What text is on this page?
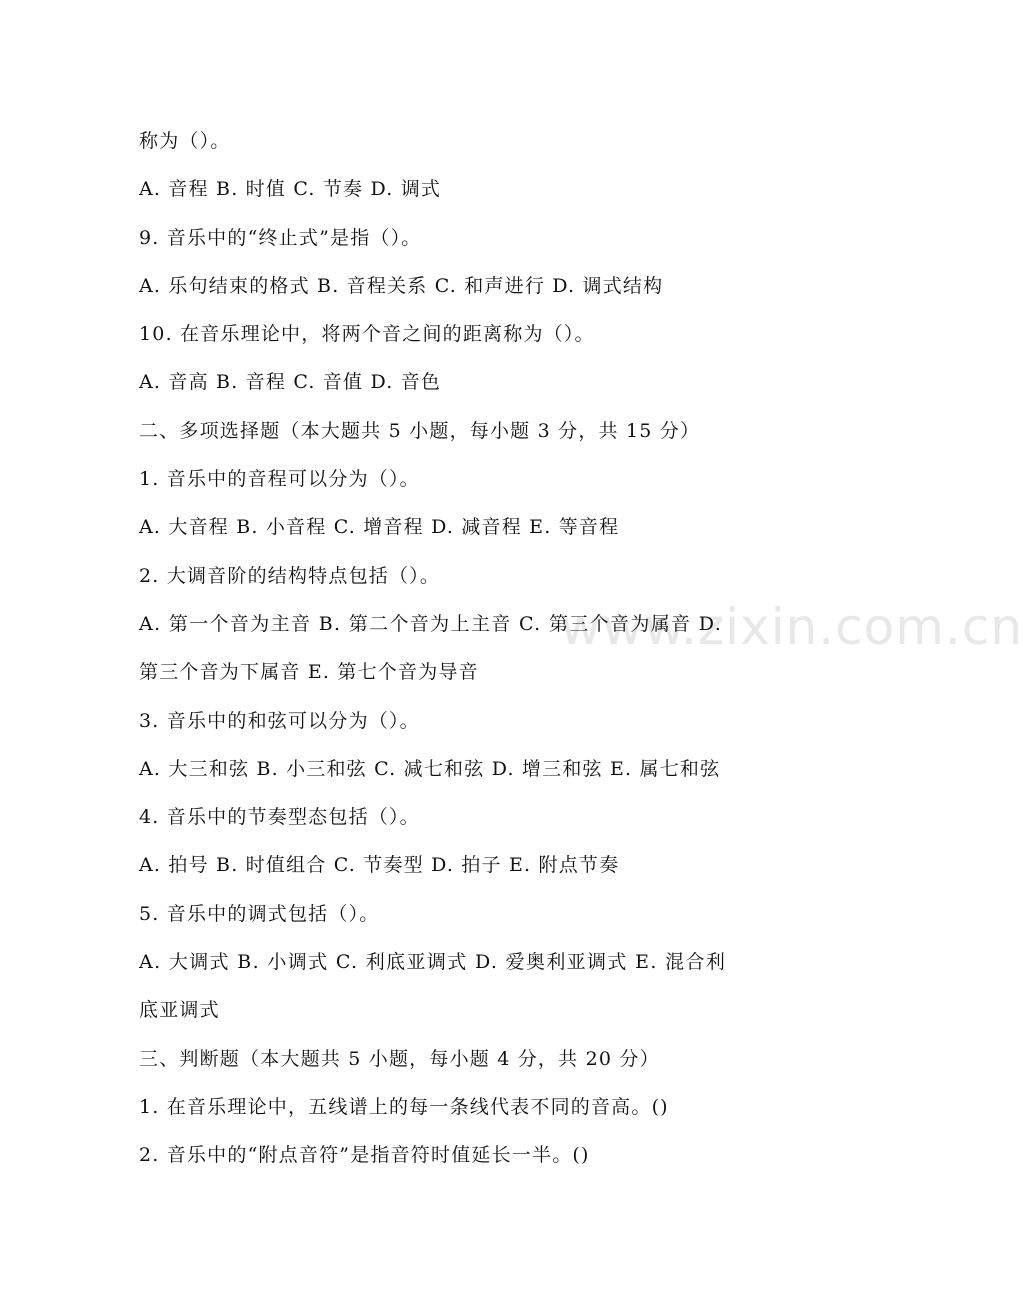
www.zixin.com.cn
称为（）。
A. 音程 B. 时值 C. 节奏 D. 调式
9. 音乐中的“终止式”是指（）。
A. 乐句结束的格式 B. 音程关系 C. 和声进行 D. 调式结构
10. 在音乐理论中，将两个音之间的距离称为（）。
A. 音高 B. 音程 C. 音值 D. 音色
二、多项选择题（本大题共 5 小题，每小题 3 分，共 15 分）
1. 音乐中的音程可以分为（）。
A. 大音程 B. 小音程 C. 增音程 D. 减音程 E. 等音程
2. 大调音阶的结构特点包括（）。
A. 第一个音为主音 B. 第二个音为上主音 C. 第三个音为属音 D.
第三个音为下属音 E. 第七个音为导音
3. 音乐中的和弦可以分为（）。
A. 大三和弦 B. 小三和弦 C. 减七和弦 D. 增三和弦 E. 属七和弦
4. 音乐中的节奏型态包括（）。
A. 拍号 B. 时值组合 C. 节奏型 D. 拍子 E. 附点节奏
5. 音乐中的调式包括（）。
A. 大调式 B. 小调式 C. 利底亚调式 D. 爱奥利亚调式 E. 混合利
底亚调式
三、判断题（本大题共 5 小题，每小题 4 分，共 20 分）
1. 在音乐理论中，五线谱上的每一条线代表不同的音高。()
2. 音乐中的“附点音符”是指音符时值延长一半。()
